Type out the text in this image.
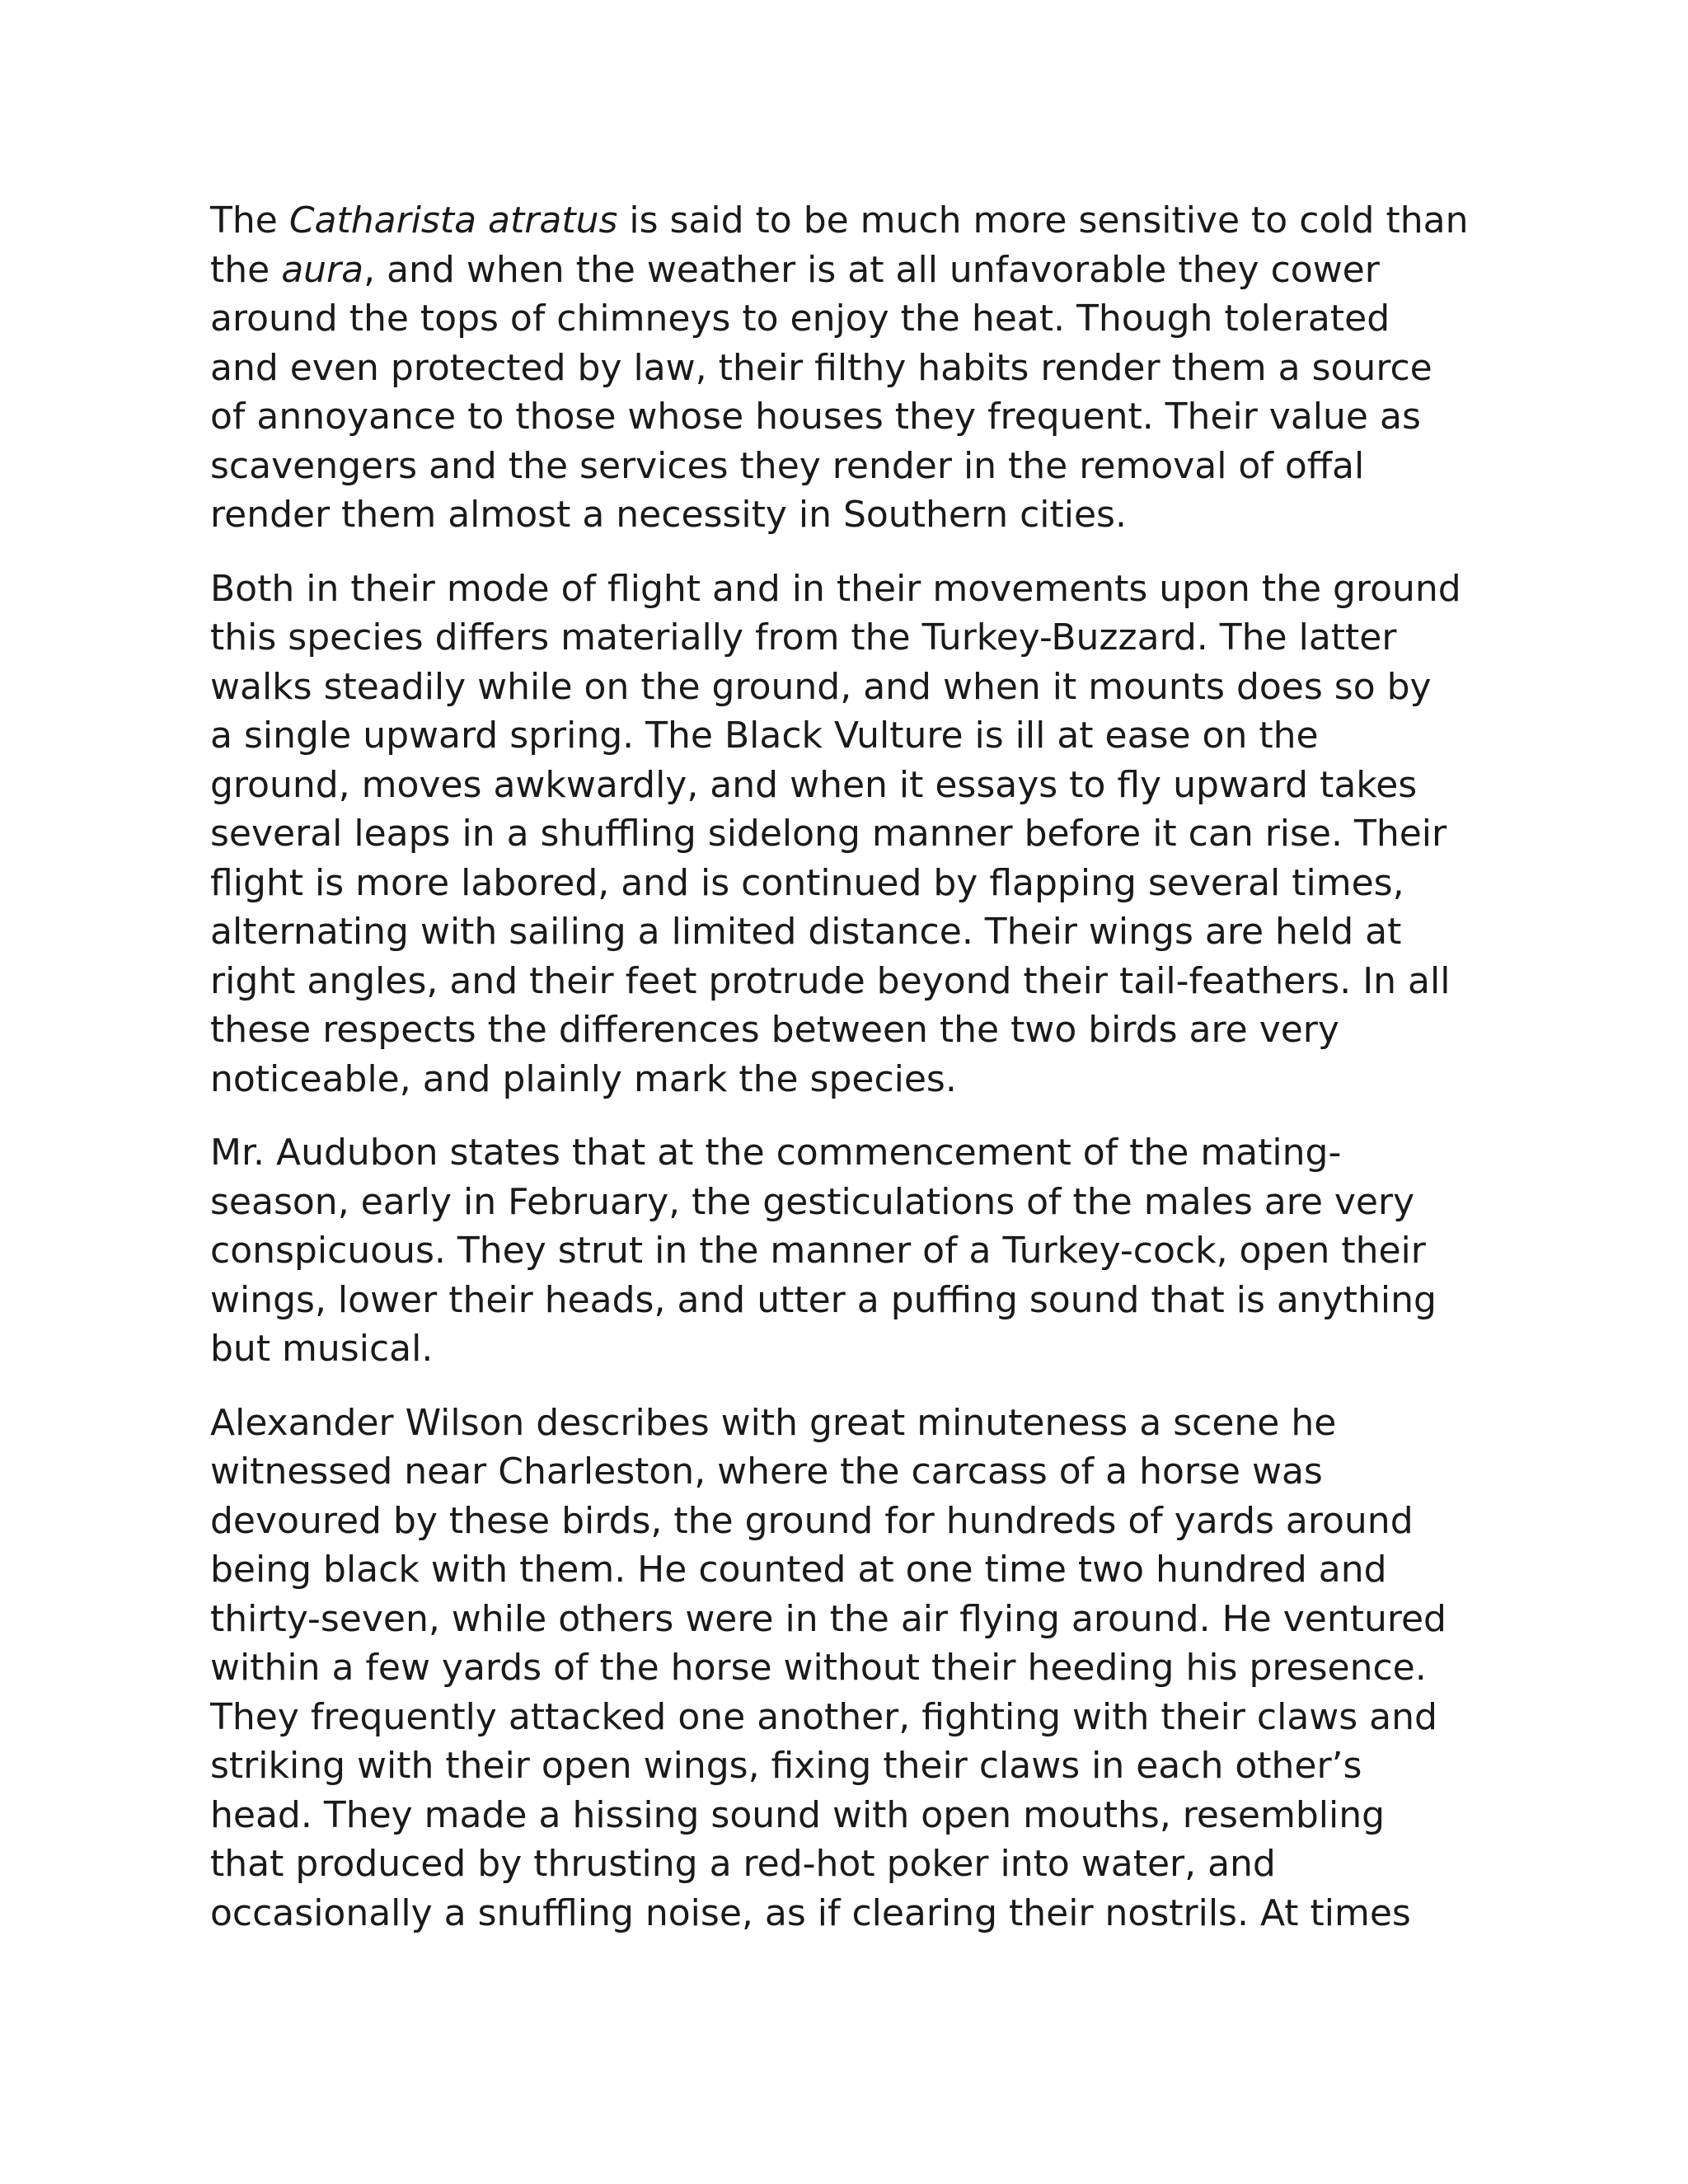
The Catharista atratus is said to be much more sensitive to cold than
the aura, and when the weather is at all unfavorable they cower
around the tops of chimneys to enjoy the heat. Though tolerated
and even protected by law, their filthy habits render them a source
of annoyance to those whose houses they frequent. Their value as
scavengers and the services they render in the removal of offal
render them almost a necessity in Southern cities.

Both in their mode of flight and in their movements upon the ground
this species differs materially from the Turkey-Buzzard. The latter
walks steadily while on the ground, and when it mounts does so by
a single upward spring. The Black Vulture is ill at ease on the
ground, moves awkwardly, and when it essays to fly upward takes
several leaps in a shuffling sidelong manner before it can rise. Their
flight is more labored, and is continued by flapping several times,
alternating with sailing a limited distance. Their wings are held at
right angles, and their feet protrude beyond their tail-feathers. In all
these respects the differences between the two birds are very
noticeable, and plainly mark the species.

Mr. Audubon states that at the commencement of the mating-
season, early in February, the gesticulations of the males are very
conspicuous. They strut in the manner of a Turkey-cock, open their
wings, lower their heads, and utter a puffing sound that is anything
but musical.

Alexander Wilson describes with great minuteness a scene he
witnessed near Charleston, where the carcass of a horse was
devoured by these birds, the ground for hundreds of yards around
being black with them. He counted at one time two hundred and
thirty-seven, while others were in the air flying around. He ventured
within a few yards of the horse without their heeding his presence.
They frequently attacked one another, fighting with their claws and
striking with their open wings, fixing their claws in each other’s
head. They made a hissing sound with open mouths, resembling
that produced by thrusting a red-hot poker into water, and
occasionally a snuffling noise, as if clearing their nostrils. At times
